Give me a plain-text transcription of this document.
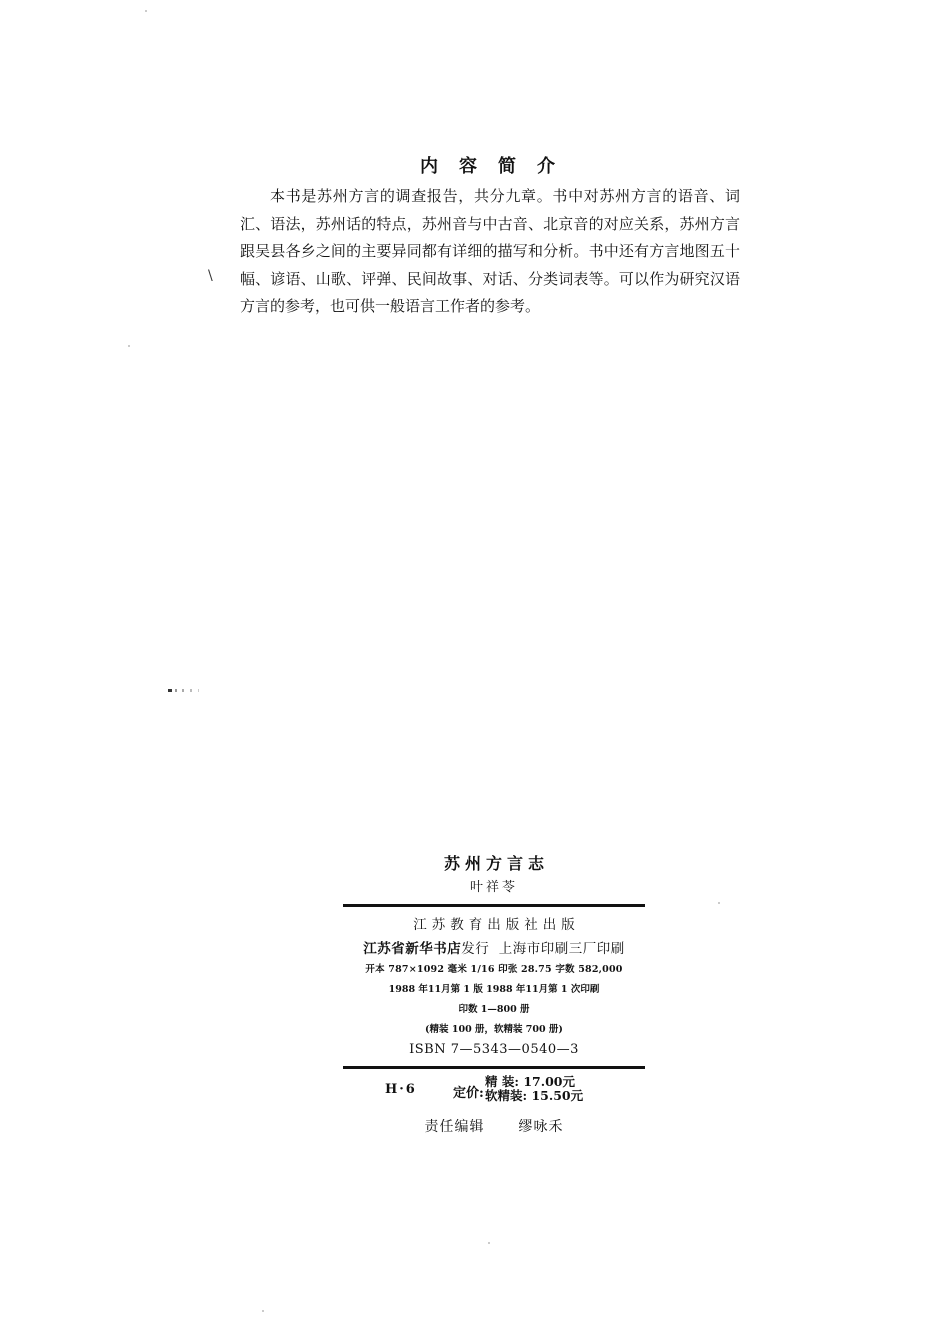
内容简介
本书是苏州方言的调查报告，共分九章。书中对苏州方言的语音、词汇、语法，苏州话的特点，苏州音与中古音、北京音的对应关系，苏州方言跟吴县各乡之间的主要异同都有详细的描写和分析。书中还有方言地图五十幅、谚语、山歌、评弹、民间故事、对话、分类词表等。可以作为研究汉语方言的参考，也可供一般语言工作者的参考。
\
苏州方言志
叶祥苓
江苏教育出版社出版
江苏省新华书店发行 上海市印刷三厂印刷
开本 787×1092 毫米 1/16 印张 28.75 字数 582,000
1988 年11月第 1 版 1988 年11月第 1 次印刷
印数 1—800 册
(精装 100 册，软精装 700 册)
ISBN 7—5343—0540—3
H·6	定价:
精 装: 17.00元
软精装: 15.50元
责任编辑 缪咏禾
